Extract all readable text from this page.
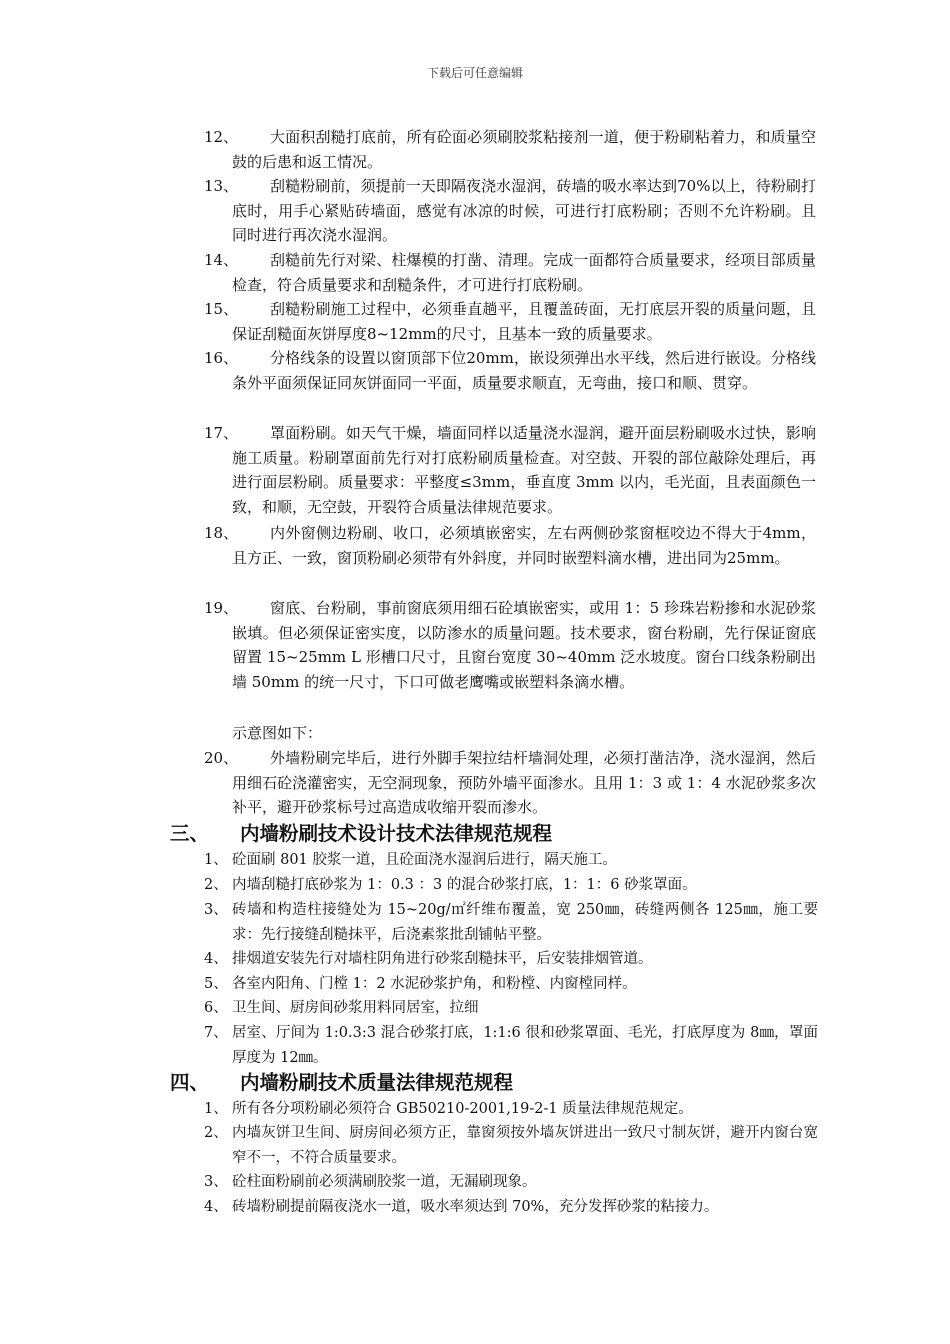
下载后可任意编辑
12、	大面积刮糙打底前，所有砼面必须刷胶浆粘接剂一道，便于粉刷粘着力，和质量空鼓的后患和返工情况。
13、	刮糙粉刷前，须提前一天即隔夜浇水湿润，砖墙的吸水率达到70%以上，待粉刷打底时，用手心紧贴砖墙面，感觉有冰凉的时候，可进行打底粉刷；否则不允许粉刷。且同时进行再次浇水湿润。
14、	刮糙前先行对梁、柱爆模的打凿、清理。完成一面都符合质量要求，经项目部质量检查，符合质量要求和刮糙条件，才可进行打底粉刷。
15、	刮糙粉刷施工过程中，必须垂直趟平，且覆盖砖面，无打底层开裂的质量问题，且保证刮糙面灰饼厚度8~12mm的尺寸，且基本一致的质量要求。
16、	分格线条的设置以窗顶部下位20mm，嵌设须弹出水平线，然后进行嵌设。分格线条外平面须保证同灰饼面同一平面，质量要求顺直，无弯曲，接口和顺、贯穿。
17、	罩面粉刷。如天气干燥，墙面同样以适量浇水湿润，避开面层粉刷吸水过快，影响施工质量。粉刷罩面前先行对打底粉刷质量检查。对空鼓、开裂的部位敲除处理后，再进行面层粉刷。质量要求：平整度≤3mm，垂直度 3mm 以内，毛光面，且表面颜色一致，和顺，无空鼓，开裂符合质量法律规范要求。
18、	内外窗侧边粉刷、收口，必须填嵌密实，左右两侧砂浆窗框咬边不得大于4mm，且方正、一致，窗顶粉刷必须带有外斜度，并同时嵌塑料滴水槽，进出同为25mm。
19、	窗底、台粉刷，事前窗底须用细石砼填嵌密实，或用 1：5 珍珠岩粉掺和水泥砂浆嵌填。但必须保证密实度，以防渗水的质量问题。技术要求，窗台粉刷，先行保证窗底留置 15~25mm L 形槽口尺寸，且窗台宽度 30~40mm 泛水坡度。窗台口线条粉刷出墙 50mm 的统一尺寸，下口可做老鹰嘴或嵌塑料条滴水槽。
示意图如下：
20、	外墙粉刷完毕后，进行外脚手架拉结杆墙洞处理，必须打凿洁净，浇水湿润，然后用细石砼浇灌密实，无空洞现象，预防外墙平面渗水。且用 1：3 或 1：4 水泥砂浆多次补平，避开砂浆标号过高造成收缩开裂而渗水。
三、 内墙粉刷技术设计技术法律规范规程
1、 砼面刷 801 胶浆一道，且砼面浇水湿润后进行，隔天施工。
2、 内墙刮糙打底砂浆为 1：0.3 ：3 的混合砂浆打底，1：1：6 砂浆罩面。
3、 砖墙和构造柱接缝处为 15~20g/㎡纤维布覆盖，宽 250㎜，砖缝两侧各 125㎜，施工要求：先行接缝刮糙抹平，后浇素浆批刮铺帖平整。
4、 排烟道安装先行对墙柱阴角进行砂浆刮糙抹平，后安装排烟管道。
5、 各室内阳角、门樘 1：2 水泥砂浆护角，和粉樘、内窗樘同样。
6、 卫生间、厨房间砂浆用料同居室，拉细
7、 居室、厅间为 1:0.3:3 混合砂浆打底，1:1:6 很和砂浆罩面、毛光，打底厚度为 8㎜，罩面厚度为 12㎜。
四、 内墙粉刷技术质量法律规范规程
1、 所有各分项粉刷必须符合 GB50210-2001,19-2-1 质量法律规范规定。
2、 内墙灰饼卫生间、厨房间必须方正，靠窗须按外墙灰饼进出一致尺寸制灰饼，避开内窗台宽窄不一，不符合质量要求。
3、 砼柱面粉刷前必须满刷胶浆一道，无漏刷现象。
4、 砖墙粉刷提前隔夜浇水一道，吸水率须达到 70%，充分发挥砂浆的粘接力。
